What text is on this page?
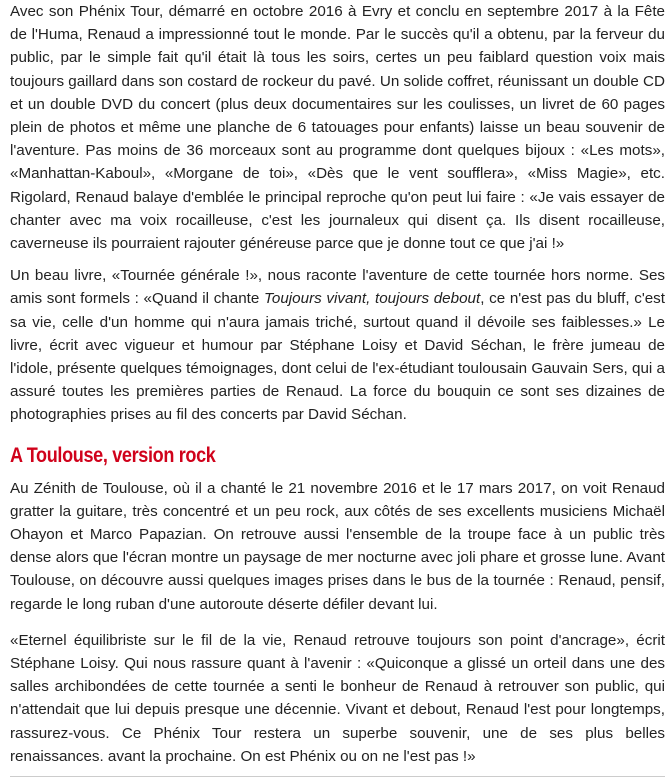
Avec son Phénix Tour, démarré en octobre 2016 à Evry et conclu en septembre 2017 à la Fête de l'Huma, Renaud a impressionné tout le monde. Par le succès qu'il a obtenu, par la ferveur du public, par le simple fait qu'il était là tous les soirs, certes un peu faiblard question voix mais toujours gaillard dans son costard de rockeur du pavé. Un solide coffret, réunissant un double CD et un double DVD du concert (plus deux documentaires sur les coulisses, un livret de 60 pages plein de photos et même une planche de 6 tatouages pour enfants) laisse un beau souvenir de l'aventure. Pas moins de 36 morceaux sont au programme dont quelques bijoux : «Les mots», «Manhattan-Kaboul», «Morgane de toi», «Dès que le vent soufflera», «Miss Magie», etc. Rigolard, Renaud balaye d'emblée le principal reproche qu'on peut lui faire : «Je vais essayer de chanter avec ma voix rocailleuse, c'est les journaleux qui disent ça. Ils disent rocailleuse, caverneuse ils pourraient rajouter généreuse parce que je donne tout ce que j'ai !»

Un beau livre, «Tournée générale !», nous raconte l'aventure de cette tournée hors norme. Ses amis sont formels : «Quand il chante Toujours vivant, toujours debout, ce n'est pas du bluff, c'est sa vie, celle d'un homme qui n'aura jamais triché, surtout quand il dévoile ses faiblesses.» Le livre, écrit avec vigueur et humour par Stéphane Loisy et David Séchan, le frère jumeau de l'idole, présente quelques témoignages, dont celui de l'ex-étudiant toulousain Gauvain Sers, qui a assuré toutes les premières parties de Renaud. La force du bouquin ce sont ses dizaines de photographies prises au fil des concerts par David Séchan.

A Toulouse, version rock

Au Zénith de Toulouse, où il a chanté le 21 novembre 2016 et le 17 mars 2017, on voit Renaud gratter la guitare, très concentré et un peu rock, aux côtés de ses excellents musiciens Michaël Ohayon et Marco Papazian. On retrouve aussi l'ensemble de la troupe face à un public très dense alors que l'écran montre un paysage de mer nocturne avec joli phare et grosse lune. Avant Toulouse, on découvre aussi quelques images prises dans le bus de la tournée : Renaud, pensif, regarde le long ruban d'une autoroute déserte défiler devant lui.

«Eternel équilibriste sur le fil de la vie, Renaud retrouve toujours son point d'ancrage», écrit Stéphane Loisy. Qui nous rassure quant à l'avenir : «Quiconque a glissé un orteil dans une des salles archibondées de cette tournée a senti le bonheur de Renaud à retrouver son public, qui n'attendait que lui depuis presque une décennie. Vivant et debout, Renaud l'est pour longtemps, rassurez-vous. Ce Phénix Tour restera un superbe souvenir, une de ses plus belles renaissances. avant la prochaine. On est Phénix ou on ne l'est pas !»
